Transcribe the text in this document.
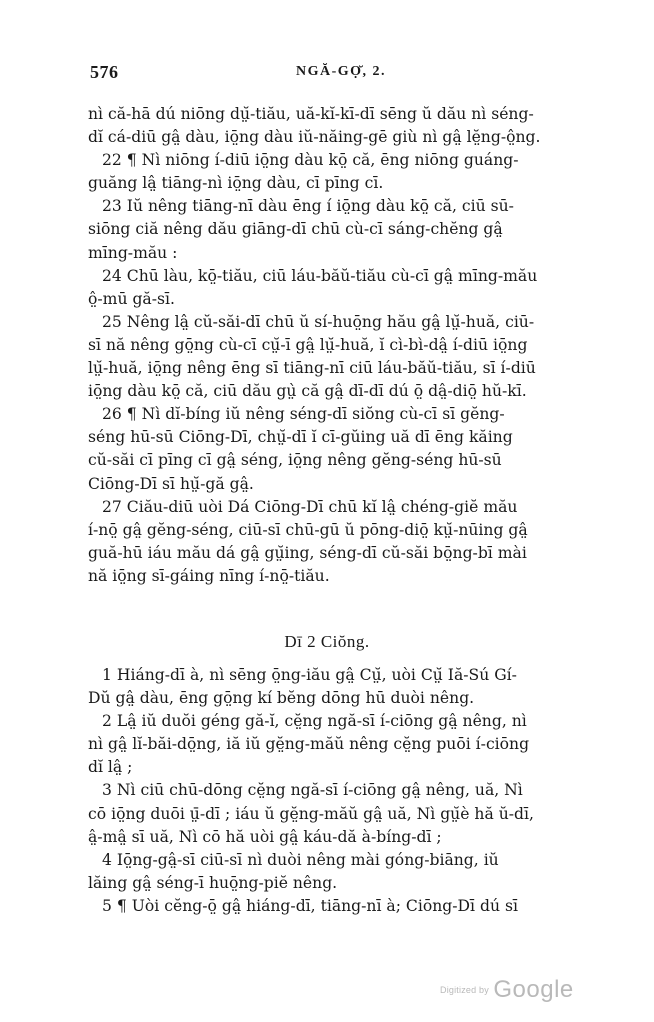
576	NGĂ-GỌ̆, 2.
nì că-hā dú niōng dṳ̆-tiău, uă-kĭ-kī-dī sēng ŭ dău nì séng-
dĭ cá-diū gâ̤ dàu, iō̤ng dàu iŭ-năing-gē giù nì gâ̤ lĕ̤ng-ô̤ng.
22 ¶ Nì niōng í-diū iō̤ng dàu kō̤ că, ēng niōng guáng-
guăng lâ̤ tiāng-nì iō̤ng dàu, cī pīng cī.
23 Iŭ nêng tiāng-nī dàu ēng í iō̤ng dàu kō̤ că, ciū sū-
siōng ciă nêng dău giāng-dī chū cù-cī sáng-chĕng gâ̤
mīng-mău :
24 Chū làu, kō̤-tiău, ciū láu-băŭ-tiău cù-cī gâ̤ mīng-mău
ô̤-mū gă-sī.
25 Nêng lâ̤ cŭ-săi-dī chū ŭ sí-huō̤ng hău gâ̤ lṳ̆-huă, ciū-
sī nă nêng gō̤ng cù-cī cṳ̆-ī gâ̤ lṳ̆-huă, ĭ cì-bì-dâ̤ í-diū iō̤ng
lṳ̆-huă, iō̤ng nêng ēng sī tiāng-nī ciū láu-băŭ-tiău, sī í-diū
iō̤ng dàu kō̤ că, ciū dău gṳ̀ că gâ̤ dī-dī dú ō̤ dâ̤-diō̤ hŭ-kī.
26 ¶ Nì dĭ-bíng iŭ nêng séng-dī siŏng cù-cī sī gĕng-
séng hū-sū Ciōng-Dī, chṳ̆-dī ĭ cī-gŭing uă dī ēng kăing
cŭ-săi cī pīng cī gâ̤ séng, iō̤ng nêng gĕng-séng hū-sū
Ciōng-Dī sī hṳ̆-gă gâ̤.
27 Ciău-diū uòi Dá Ciōng-Dī chū kĭ lâ̤ chéng-giĕ mău
í-nō̤ gâ̤ gĕng-séng, ciū-sī chū-gū ŭ pōng-diō̤ kṳ̆-nūing gâ̤
guă-hū iáu mău dá gâ̤ gṳ̆ing, séng-dī cŭ-săi bō̤ng-bī mài
nă iō̤ng sī-gáing nīng í-nō̤-tiău.
Dī 2 Ciŏng.
1 Hiáng-dī à, nì sēng ō̤ng-iău gâ̤ Cṳ̆, uòi Cṳ̆ Iă-Sú Gí-
Dŭ gâ̤ dàu, ēng gō̤ng kí bĕng dōng hū duòi nêng.
2 Lâ̤ iŭ duŏi géng gă-ĭ, cĕ̤ng ngă-sī í-ciōng gâ̤ nêng, nì
nì gâ̤ lĭ-băi-dō̤ng, iă iŭ gĕ̤ng-măŭ nêng cĕ̤ng puōi í-ciōng
dĭ lâ̤ ;
3 Nì ciū chū-dōng cĕ̤ng ngă-sī í-ciōng gâ̤ nêng, uă, Nì
cō iō̤ng duōi ṳ̄-dī ; iáu ŭ gĕ̤ng-măŭ gâ̤ uă, Nì gṳ̆è hă ŭ-dī,
â̤-mâ̤ sī uă, Nì cō hă uòi gâ̤ káu-dă à-bíng-dī ;
4 Iō̤ng-gâ̤-sī ciū-sī nì duòi nêng mài góng-biāng, iŭ
lăing gâ̤ séng-ī huō̤ng-piĕ nêng.
5 ¶ Uòi cĕng-ō̤ gâ̤ hiáng-dī, tiāng-nī à; Ciōng-Dī dú sī
Digitized by Google
